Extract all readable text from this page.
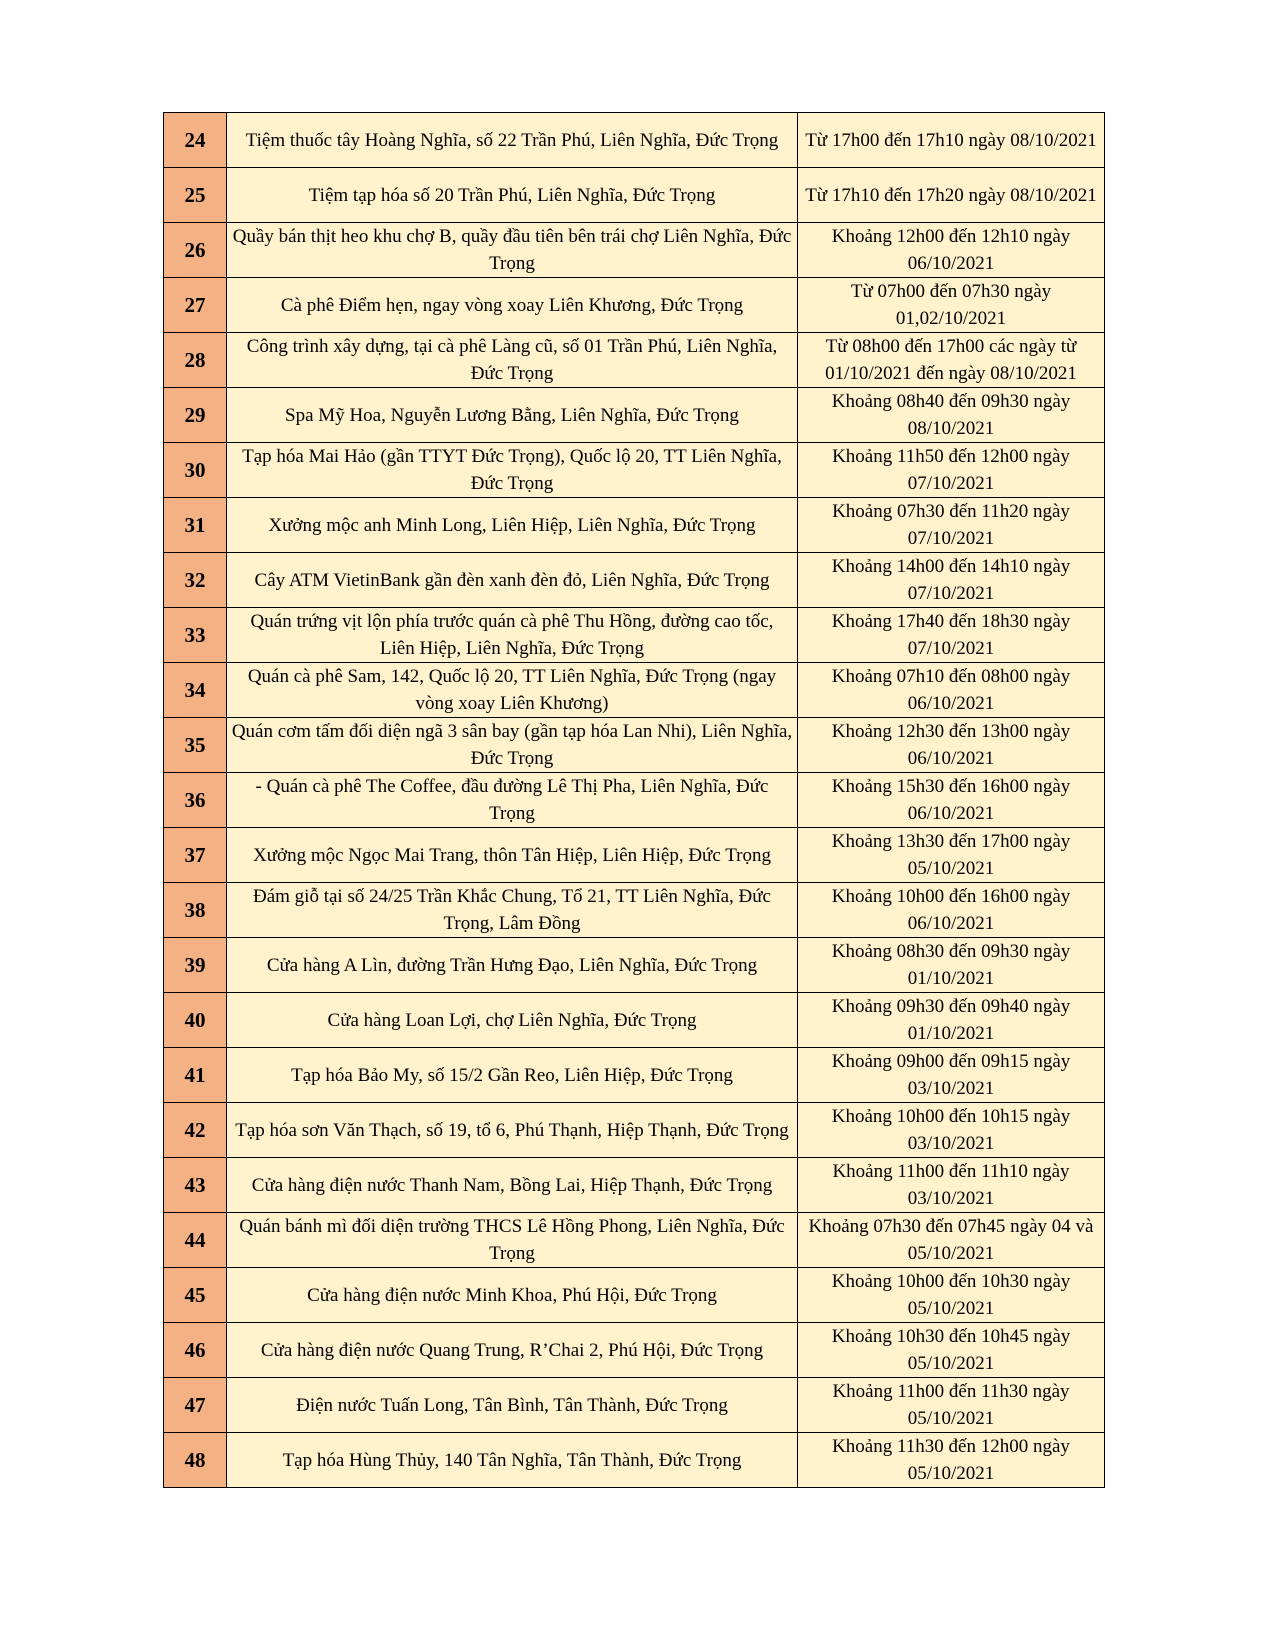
24	Tiệm thuốc tây Hoàng Nghĩa, số 22 Trần Phú, Liên Nghĩa, Đức Trọng	Từ 17h00 đến 17h10 ngày 08/10/2021
25	Tiệm tạp hóa số 20 Trần Phú, Liên Nghĩa, Đức Trọng	Từ 17h10 đến 17h20 ngày 08/10/2021
26	Quầy bán thịt heo khu chợ B, quầy đầu tiên bên trái chợ Liên Nghĩa, Đức Trọng	Khoảng 12h00 đến 12h10 ngày 06/10/2021
27	Cà phê Điểm hẹn, ngay vòng xoay Liên Khương, Đức Trọng	Từ 07h00 đến 07h30 ngày 01,02/10/2021
28	Công trình xây dựng, tại cà phê Làng cũ, số 01 Trần Phú, Liên Nghĩa, Đức Trọng	Từ 08h00 đến 17h00 các ngày từ 01/10/2021 đến ngày 08/10/2021
29	Spa Mỹ Hoa, Nguyễn Lương Bằng, Liên Nghĩa, Đức Trọng	Khoảng 08h40 đến 09h30 ngày 08/10/2021
30	Tạp hóa Mai Hảo (gần TTYT Đức Trọng), Quốc lộ 20, TT Liên Nghĩa, Đức Trọng	Khoảng 11h50 đến 12h00 ngày 07/10/2021
31	Xưởng mộc anh Minh Long, Liên Hiệp, Liên Nghĩa, Đức Trọng	Khoảng 07h30 đến 11h20 ngày 07/10/2021
32	Cây ATM VietinBank gần đèn xanh đèn đỏ, Liên Nghĩa, Đức Trọng	Khoảng 14h00 đến 14h10 ngày 07/10/2021
33	Quán trứng vịt lộn phía trước quán cà phê Thu Hồng, đường cao tốc, Liên Hiệp, Liên Nghĩa, Đức Trọng	Khoảng 17h40 đến 18h30 ngày 07/10/2021
34	Quán cà phê Sam, 142, Quốc lộ 20, TT Liên Nghĩa, Đức Trọng (ngay vòng xoay Liên Khương)	Khoảng 07h10 đến 08h00 ngày 06/10/2021
35	Quán cơm tấm đối diện ngã 3 sân bay (gần tạp hóa Lan Nhi), Liên Nghĩa, Đức Trọng	Khoảng 12h30 đến 13h00 ngày 06/10/2021
36	- Quán cà phê The Coffee, đầu đường Lê Thị Pha, Liên Nghĩa, Đức Trọng	Khoảng 15h30 đến 16h00 ngày 06/10/2021
37	Xưởng mộc Ngọc Mai Trang, thôn Tân Hiệp, Liên Hiệp, Đức Trọng	Khoảng 13h30 đến 17h00 ngày 05/10/2021
38	Đám giỗ tại số 24/25 Trần Khắc Chung, Tổ 21, TT Liên Nghĩa, Đức Trọng, Lâm Đồng	Khoảng 10h00 đến 16h00 ngày 06/10/2021
39	Cửa hàng A Lìn, đường Trần Hưng Đạo, Liên Nghĩa, Đức Trọng	Khoảng 08h30 đến 09h30 ngày 01/10/2021
40	Cửa hàng Loan Lợi, chợ Liên Nghĩa, Đức Trọng	Khoảng 09h30 đến 09h40 ngày 01/10/2021
41	Tạp hóa Bảo My, số 15/2 Gần Reo, Liên Hiệp, Đức Trọng	Khoảng 09h00 đến 09h15 ngày 03/10/2021
42	Tạp hóa sơn Văn Thạch, số 19, tổ 6, Phú Thạnh, Hiệp Thạnh, Đức Trọng	Khoảng 10h00 đến 10h15 ngày 03/10/2021
43	Cửa hàng điện nước Thanh Nam, Bồng Lai, Hiệp Thạnh, Đức Trọng	Khoảng 11h00 đến 11h10 ngày 03/10/2021
44	Quán bánh mì đối diện trường THCS Lê Hồng Phong, Liên Nghĩa, Đức Trọng	Khoảng 07h30 đến 07h45 ngày 04 và 05/10/2021
45	Cửa hàng điện nước Minh Khoa, Phú Hội, Đức Trọng	Khoảng 10h00 đến 10h30 ngày 05/10/2021
46	Cửa hàng điện nước Quang Trung, R’Chai 2, Phú Hội, Đức Trọng	Khoảng 10h30 đến 10h45 ngày 05/10/2021
47	Điện nước Tuấn Long, Tân Bình, Tân Thành, Đức Trọng	Khoảng 11h00 đến 11h30 ngày 05/10/2021
48	Tạp hóa Hùng Thủy, 140 Tân Nghĩa, Tân Thành, Đức Trọng	Khoảng 11h30 đến 12h00 ngày 05/10/2021
